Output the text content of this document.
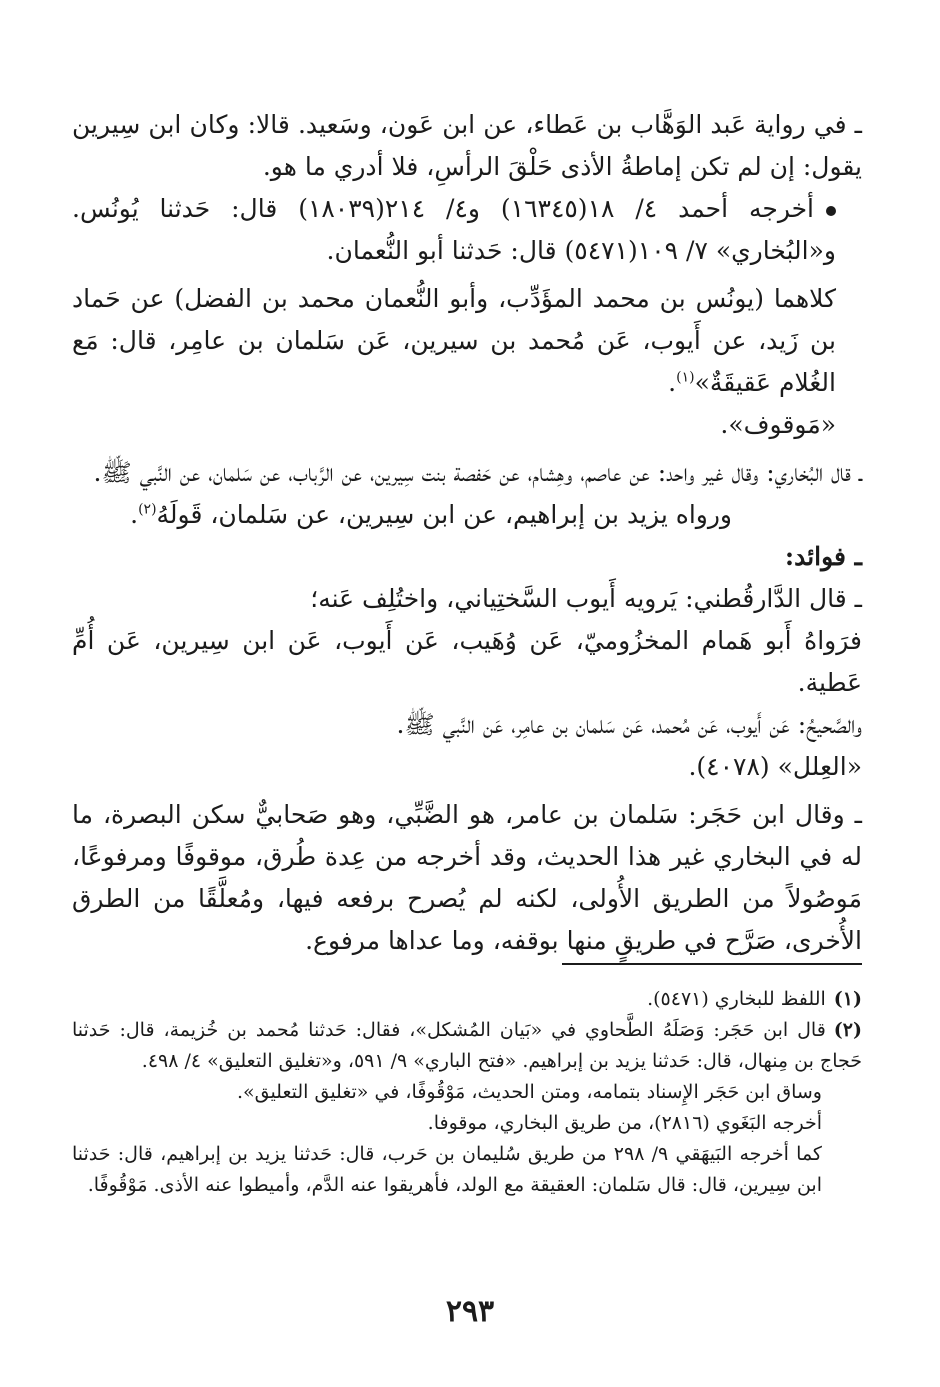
ـ في رواية عَبد الوَهَّاب بن عَطاء، عن ابن عَون، وسَعيد. قالا: وكان ابن سِيرين يقول: إن لم تكن إماطةُ الأذى حَلْقَ الرأسِ، فلا أدري ما هو.

أخرجه أحمد ٤/ ١٨(١٦٣٤٥) و٤/ ٢١٤(١٨٠٣٩) قال: حَدثنا يُونُس. و«البُخاري» ٧/ ١٠٩(٥٤٧١) قال: حَدثنا أبو النُّعمان.

كلاهما (يونُس بن محمد المؤَدِّب، وأبو النُّعمان محمد بن الفضل) عن حَماد بن زَيد، عن أَيوب، عَن مُحمد بن سيرين، عَن سَلمان بن عامِر، قال: مَع الغُلام عَقيقَةٌ»$^{(١)}$.

«مَوقوف».

ـ قال البُخاري: وقال غير واحد: عن عاصم، وهِشام، عن حَفصة بنت سِيرين، عن الرَّباب، عن سَلمان، عن النَّبي ﷺ.

ورواه يزيد بن إبراهيم، عن ابن سِيرين، عن سَلمان، قَولَهُ$^{(٢)}$.

ـ فوائد:

ـ قال الدَّارقُطني: يَرويه أَيوب السَّختِياني، واختُلِف عَنه؛

فرَواهُ أَبو هَمام المخزُوميّ، عَن وُهَيب، عَن أَيوب، عَن ابن سِيرين، عَن أُمِّ عَطية.

والصَّحيحُ: عَن أَيوب، عَن مُحمد، عَن سَلمان بن عامِر، عَن النَّبي ﷺ.

«العِلل» (٤٠٧٨).

ـ وقال ابن حَجَر: سَلمان بن عامر، هو الضَّبِّي، وهو صَحابيٌّ سكن البصرة، ما له في البخاري غير هذا الحديث، وقد أخرجه من عِدة طُرق، موقوفًا ومرفوعًا، مَوصُولاً من الطريق الأُولى، لكنه لم يُصرح برفعه فيها، ومُعلَّقًا من الطرق الأُخرى، صَرَّح في طريقٍ منها بوقفه، وما عداها مرفوع.

(١)اللفظ للبخاري (٥٤٧١).

(٢)قال ابن حَجَر: وَصَلَهُ الطَّحاوي في «بَيان المُشكل»، فقال: حَدثنا مُحمد بن خُزيمة، قال: حَدثنا حَجاج بن مِنهال، قال: حَدثنا يزيد بن إبراهيم. «فتح الباري» ٩/ ٥٩١، و«تغليق التعليق» ٤/ ٤٩٨.

وساق ابن حَجَر الإِسناد بتمامه، ومتن الحديث، مَوْقُوفًا، في «تغليق التعليق».

أخرجه البَغَوي (٢٨١٦)، من طريق البخاري، موقوفا.

كما أخرجه البَيهَقي ٩/ ٢٩٨ من طريق سُليمان بن حَرب، قال: حَدثنا يزيد بن إبراهيم، قال: حَدثنا ابن سِيرين، قال: قال سَلمان: العقيقة مع الولد، فأهريقوا عنه الدَّم، وأميطوا عنه الأذى. مَوْقُوفًا.

٢٩٣
